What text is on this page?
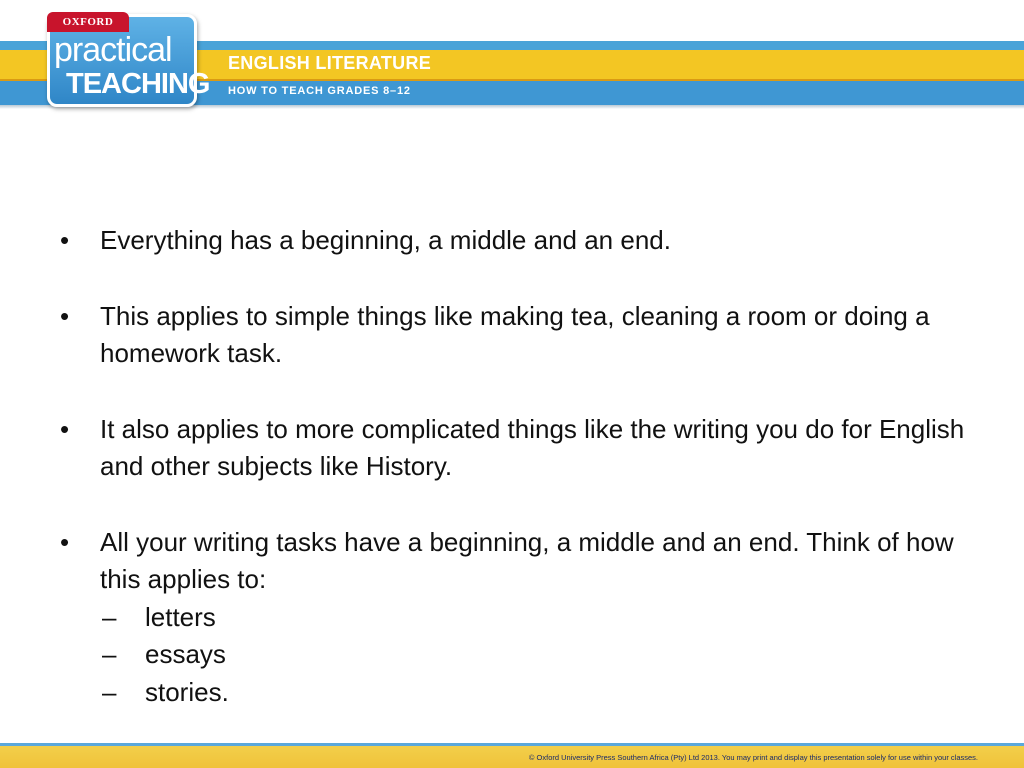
ENGLISH LITERATURE
HOW TO TEACH GRADES 8–12
OXFORD
practical
TEACHING
• Everything has a beginning, a middle and an end.
• This applies to simple things like making tea, cleaning a room or doing a homework task.
• It also applies to more complicated things like the writing you do for English and other subjects like History.
• All your writing tasks have a beginning, a middle and an end. Think of how this applies to:
– letters
– essays
– stories.
© Oxford University Press Southern Africa (Pty) Ltd 2013. You may print and display this presentation solely for use within your classes.
